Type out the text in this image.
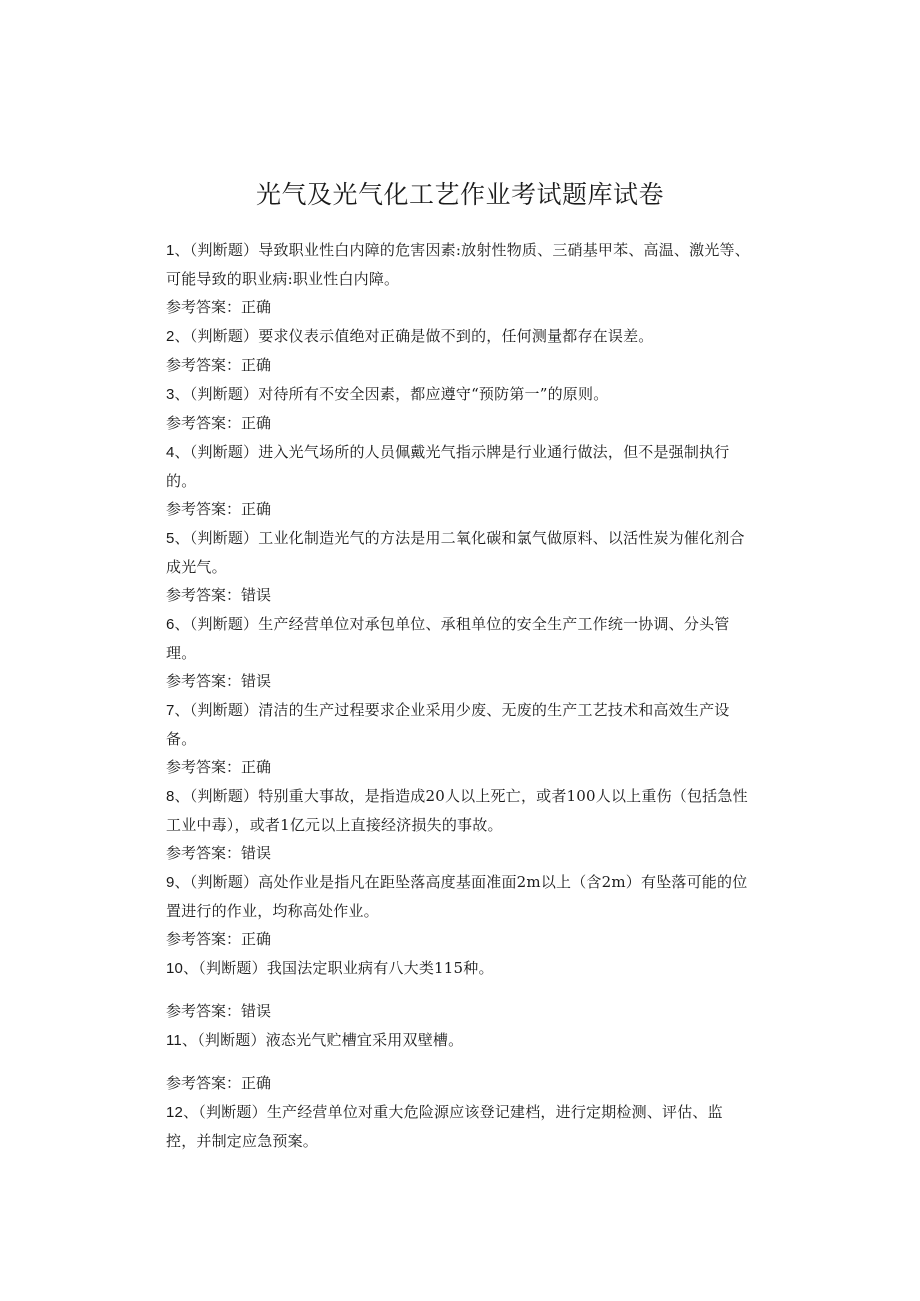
光气及光气化工艺作业考试题库试卷
1、（判断题）导致职业性白内障的危害因素:放射性物质、三硝基甲苯、高温、激光等、可能导致的职业病:职业性白内障。
参考答案：正确
2、（判断题）要求仪表示值绝对正确是做不到的，任何测量都存在误差。
参考答案：正确
3、（判断题）对待所有不安全因素，都应遵守“预防第一”的原则。
参考答案：正确
4、（判断题）进入光气场所的人员佩戴光气指示牌是行业通行做法，但不是强制执行的。
参考答案：正确
5、（判断题）工业化制造光气的方法是用二氧化碳和氯气做原料、以活性炭为催化剂合成光气。
参考答案：错误
6、（判断题）生产经营单位对承包单位、承租单位的安全生产工作统一协调、分头管理。
参考答案：错误
7、（判断题）清洁的生产过程要求企业采用少废、无废的生产工艺技术和高效生产设备。
参考答案：正确
8、（判断题）特别重大事故，是指造成20人以上死亡，或者100人以上重伤（包括急性工业中毒），或者1亿元以上直接经济损失的事故。
参考答案：错误
9、（判断题）高处作业是指凡在距坠落高度基面准面2m以上（含2m）有坠落可能的位置进行的作业，均称高处作业。
参考答案：正确
10、（判断题）我国法定职业病有八大类115种。
参考答案：错误
11、（判断题）液态光气贮槽宜采用双壁槽。
参考答案：正确
12、（判断题）生产经营单位对重大危险源应该登记建档，进行定期检测、评估、监控，并制定应急预案。
